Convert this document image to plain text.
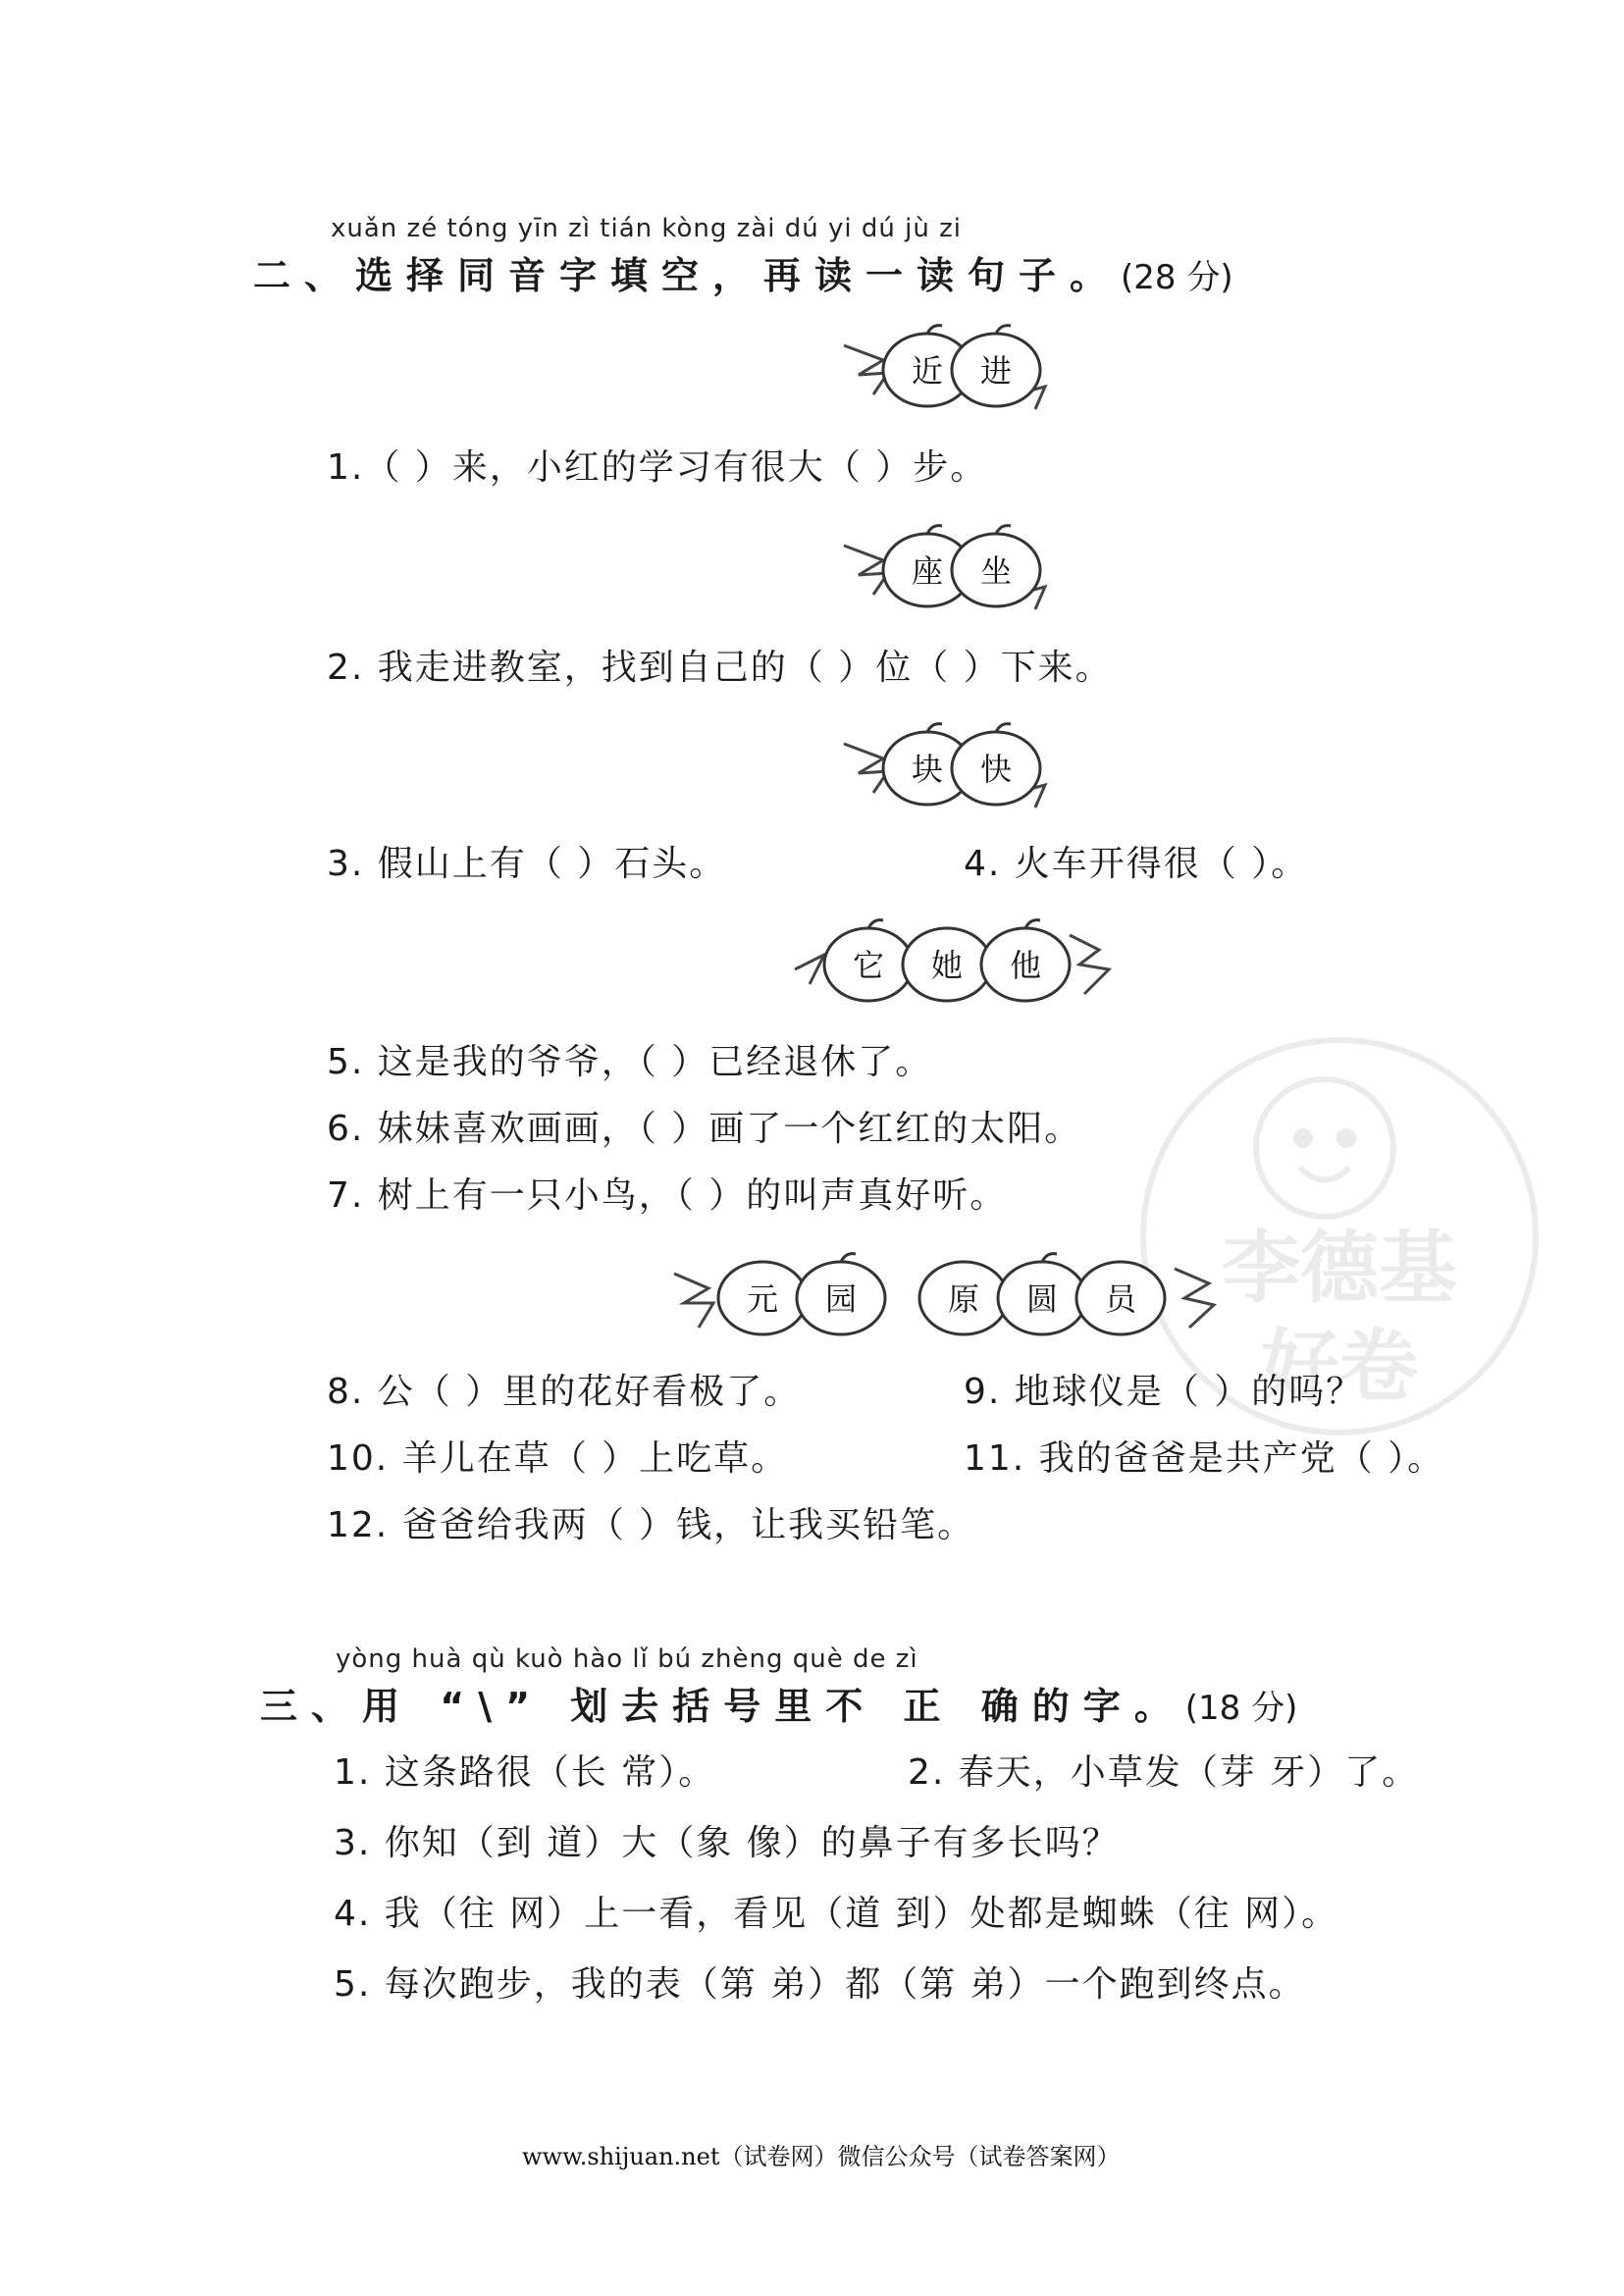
李德基
好卷
xuǎn zé tóng yīn zì tián kòng zài dú yi dú jù zi
二、选择同音字填空，再读一读句子。(28 分)
近 进
1.（ ）来，小红的学习有很大（ ）步。
座 坐
2. 我走进教室，找到自己的（ ）位（ ）下来。
块 快
3. 假山上有（ ）石头。	4. 火车开得很（ ）。
它 她 他
5. 这是我的爷爷，（ ）已经退休了。
6. 妹妹喜欢画画，（ ）画了一个红红的太阳。
7. 树上有一只小鸟，（ ）的叫声真好听。
元 园	原 圆 员
8. 公（ ）里的花好看极了。	9. 地球仪是（ ）的吗？
10. 羊儿在草（ ）上吃草。	11. 我的爸爸是共产党（ ）。
12. 爸爸给我两（ ）钱，让我买铅笔。
yòng huà qù kuò hào lǐ bú zhèng què de zì
三、用 “\” 划去括号里不 正 确的字。(18 分)
1. 这条路很（长 常）。	2. 春天，小草发（芽 牙）了。
3. 你知（到 道）大（象 像）的鼻子有多长吗？
4. 我（往 网）上一看，看见（道 到）处都是蜘蛛（往 网）。
5. 每次跑步，我的表（第 弟）都（第 弟）一个跑到终点。
www.shijuan.net（试卷网）微信公众号（试卷答案网）
